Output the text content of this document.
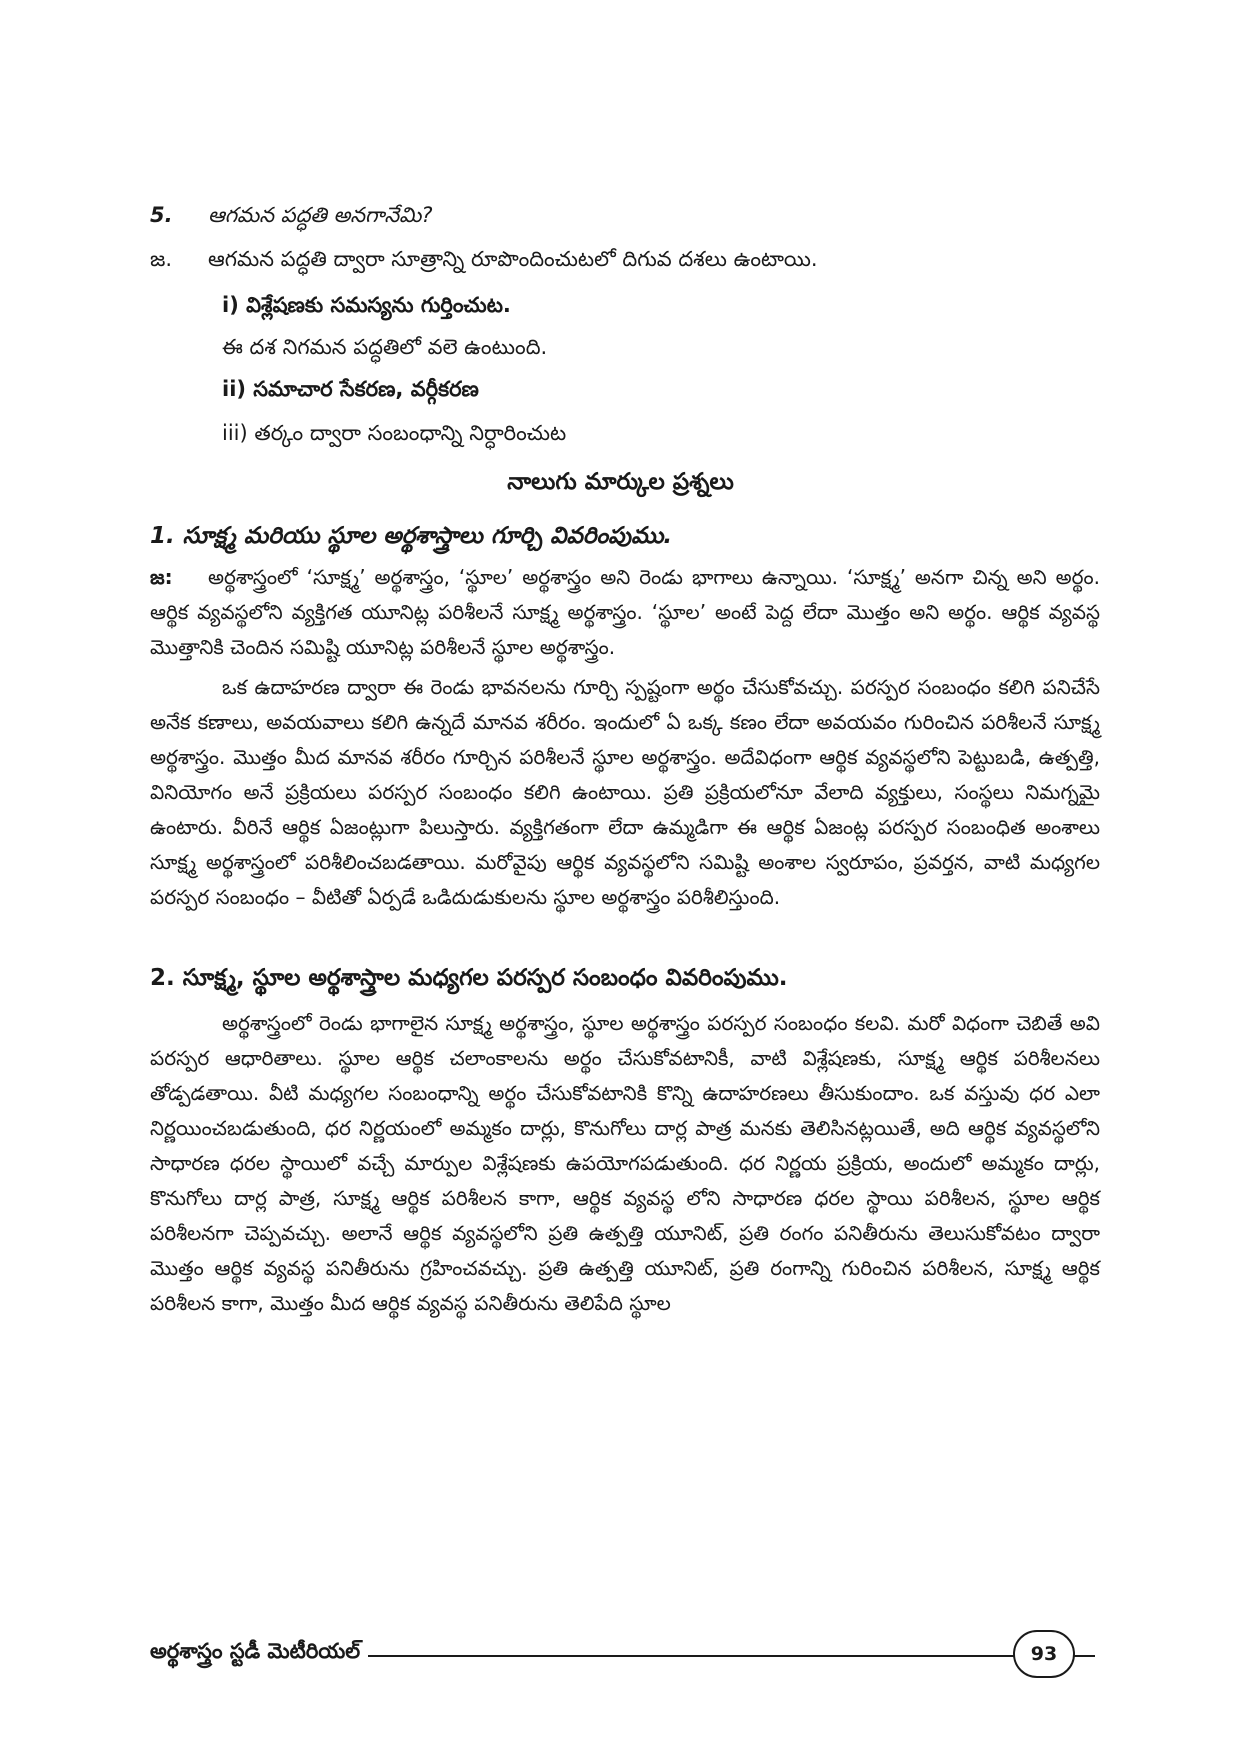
5. ఆగమన పద్ధతి అనగానేమి?
జ. ఆగమన పద్ధతి ద్వారా సూత్రాన్ని రూపొందించుటలో దిగువ దశలు ఉంటాయి.
i) విశ్లేషణకు సమస్యను గుర్తించుట.
ఈ దశ నిగమన పద్ధతిలో వలె ఉంటుంది.
ii) సమాచార సేకరణ, వర్గీకరణ
iii) తర్కం ద్వారా సంబంధాన్ని నిర్ధారించుట
నాలుగు మార్కుల ప్రశ్నలు
1. సూక్ష్మ మరియు స్థూల అర్థశాస్త్రాలు గూర్చి వివరింపుము.

జ: అర్థశాస్త్రంలో ‘సూక్ష్మ’ అర్థశాస్త్రం, ‘స్థూల’ అర్థశాస్త్రం అని రెండు భాగాలు ఉన్నాయి. ‘సూక్ష్మ’ అనగా చిన్న అని అర్థం. ఆర్థిక వ్యవస్థలోని వ్యక్తిగత యూనిట్ల పరిశీలనే సూక్ష్మ అర్థశాస్త్రం. ‘స్థూల’ అంటే పెద్ద లేదా మొత్తం అని అర్థం. ఆర్థిక వ్యవస్థ మొత్తానికి చెందిన సమిష్టి యూనిట్ల పరిశీలనే స్థూల అర్థశాస్త్రం.

ఒక ఉదాహరణ ద్వారా ఈ రెండు భావనలను గూర్చి స్పష్టంగా అర్థం చేసుకోవచ్చు. పరస్పర సంబంధం కలిగి పనిచేసే అనేక కణాలు, అవయవాలు కలిగి ఉన్నదే మానవ శరీరం. ఇందులో ఏ ఒక్క కణం లేదా అవయవం గురించిన పరిశీలనే సూక్ష్మ అర్థశాస్త్రం. మొత్తం మీద మానవ శరీరం గూర్చిన పరిశీలనే స్థూల అర్థశాస్త్రం. అదేవిధంగా ఆర్థిక వ్యవస్థలోని పెట్టుబడి, ఉత్పత్తి, వినియోగం అనే ప్రక్రియలు పరస్పర సంబంధం కలిగి ఉంటాయి. ప్రతి ప్రక్రియలోనూ వేలాది వ్యక్తులు, సంస్థలు నిమగ్నమై ఉంటారు. వీరినే ఆర్థిక ఏజంట్లుగా పిలుస్తారు. వ్యక్తిగతంగా లేదా ఉమ్మడిగా ఈ ఆర్థిక ఏజంట్ల పరస్పర సంబంధిత అంశాలు సూక్ష్మ అర్థశాస్త్రంలో పరిశీలించబడతాయి. మరోవైపు ఆర్థిక వ్యవస్థలోని సమిష్టి అంశాల స్వరూపం, ప్రవర్తన, వాటి మధ్యగల పరస్పర సంబంధం – వీటితో ఏర్పడే ఒడిదుడుకులను స్థూల అర్థశాస్త్రం పరిశీలిస్తుంది.

2. సూక్ష్మ, స్థూల అర్థశాస్త్రాల మధ్యగల పరస్పర సంబంధం వివరింపుము.

అర్థశాస్త్రంలో రెండు భాగాలైన సూక్ష్మ అర్థశాస్త్రం, స్థూల అర్థశాస్త్రం పరస్పర సంబంధం కలవి. మరో విధంగా చెబితే అవి పరస్పర ఆధారితాలు. స్థూల ఆర్థిక చలాంకాలను అర్థం చేసుకోవటానికీ, వాటి విశ్లేషణకు, సూక్ష్మ ఆర్థిక పరిశీలనలు తోడ్పడతాయి. వీటి మధ్యగల సంబంధాన్ని అర్థం చేసుకోవటానికి కొన్ని ఉదాహరణలు తీసుకుందాం. ఒక వస్తువు ధర ఎలా నిర్ణయించబడుతుంది, ధర నిర్ణయంలో అమ్మకం దార్లు, కొనుగోలు దార్ల పాత్ర మనకు తెలిసినట్లయితే, అది ఆర్థిక వ్యవస్థలోని సాధారణ ధరల స్థాయిలో వచ్చే మార్పుల విశ్లేషణకు ఉపయోగపడుతుంది. ధర నిర్ణయ ప్రక్రియ, అందులో అమ్మకం దార్లు, కొనుగోలు దార్ల పాత్ర, సూక్ష్మ ఆర్థిక పరిశీలన కాగా, ఆర్థిక వ్యవస్థ లోని సాధారణ ధరల స్థాయి పరిశీలన, స్థూల ఆర్థిక పరిశీలనగా చెప్పవచ్చు. అలానే ఆర్థిక వ్యవస్థలోని ప్రతి ఉత్పత్తి యూనిట్, ప్రతి రంగం పనితీరును తెలుసుకోవటం ద్వారా మొత్తం ఆర్థిక వ్యవస్థ పనితీరును గ్రహించవచ్చు. ప్రతి ఉత్పత్తి యూనిట్, ప్రతి రంగాన్ని గురించిన పరిశీలన, సూక్ష్మ ఆర్థిక పరిశీలన కాగా, మొత్తం మీద ఆర్థిక వ్యవస్థ పనితీరును తెలిపేది స్థూల

అర్థశాస్త్రం స్టడీ మెటీరియల్	93
